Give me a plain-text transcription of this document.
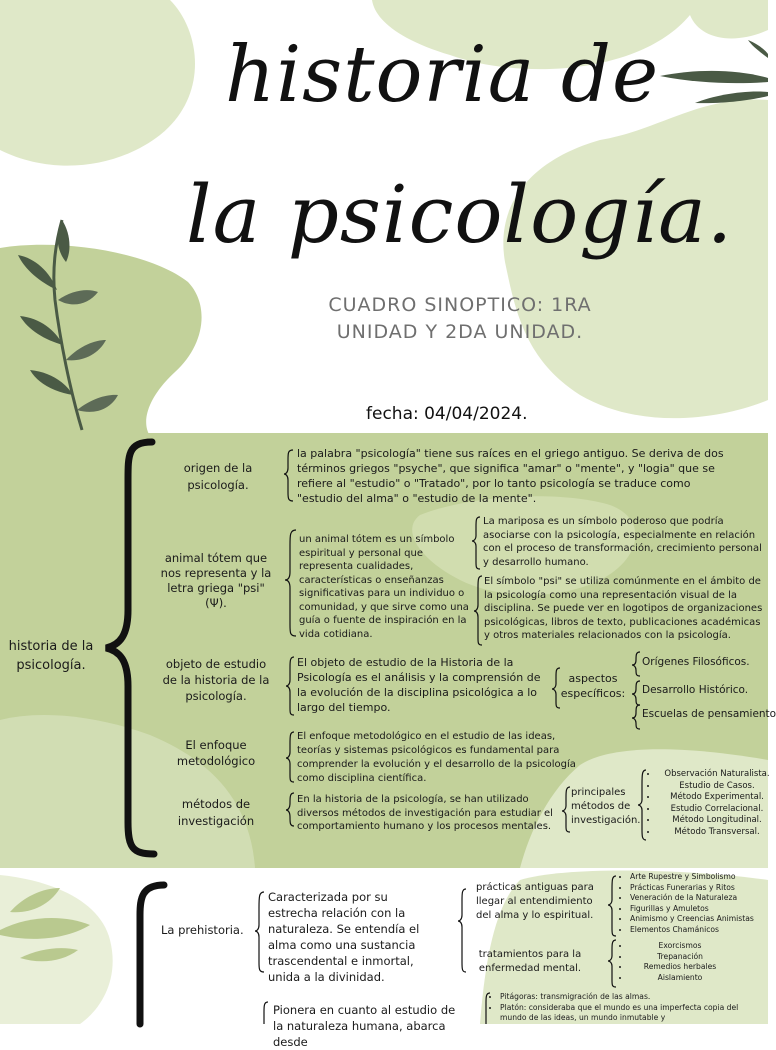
historia de
la psicología.
CUADRO SINOPTICO: 1RA UNIDAD Y 2DA UNIDAD.
fecha: 04/04/2024.
historia de la psicología.
origen de la psicología.
la palabra "psicología" tiene sus raíces en el griego antiguo. Se deriva de dos términos griegos "psyche", que significa "amar" o "mente", y "logia" que se refiere al "estudio" o "Tratado", por lo tanto psicología se traduce como "estudio del alma" o "estudio de la mente".
animal tótem que nos representa y la letra griega "psi" (Ψ).
un animal tótem es un símbolo espiritual y personal que representa cualidades, características o enseñanzas significativas para un individuo o comunidad, y que sirve como una guía o fuente de inspiración en la vida cotidiana.
La mariposa es un símbolo poderoso que podría asociarse con la psicología, especialmente en relación con el proceso de transformación, crecimiento personal y desarrollo humano.
El símbolo "psi" se utiliza comúnmente en el ámbito de la psicología como una representación visual de la disciplina. Se puede ver en logotipos de organizaciones psicológicas, libros de texto, publicaciones académicas y otros materiales relacionados con la psicología.
objeto de estudio de la historia de la psicología.
El objeto de estudio de la Historia de la Psicología es el análisis y la comprensión de la evolución de la disciplina psicológica a lo largo del tiempo.
aspectos específicos:
Orígenes Filosóficos.
Desarrollo Histórico.
Escuelas de pensamiento
El enfoque metodológico
El enfoque metodológico en el estudio de las ideas, teorías y sistemas psicológicos es fundamental para comprender la evolución y el desarrollo de la psicología como disciplina científica.
métodos de investigación
En la historia de la psicología, se han utilizado diversos métodos de investigación para estudiar el comportamiento humano y los procesos mentales.
principales métodos de investigación.
• Observación Naturalista.
• Estudio de Casos.
• Método Experimental.
• Estudio Correlacional.
• Método Longitudinal.
• Método Transversal.
La prehistoria.
Caracterizada por su estrecha relación con la naturaleza. Se entendía el alma como una sustancia trascendental e inmortal, unida a la divinidad.
prácticas antiguas para llegar al entendimiento del alma y lo espiritual.
• Arte Rupestre y Simbolismo
• Prácticas Funerarias y Ritos
• Veneración de la Naturaleza
• Figurillas y Amuletos
• Animismo y Creencias Animistas
• Elementos Chamánicos
tratamientos para la enfermedad mental.
• Exorcismos
• Trepanación
• Remedios herbales
• Aislamiento
Pionera en cuanto al estudio de la naturaleza humana, abarca desde
• Pitágoras: transmigración de las almas.
• Platón: consideraba que el mundo es una imperfecta copia del mundo de las ideas, un mundo inmutable y
